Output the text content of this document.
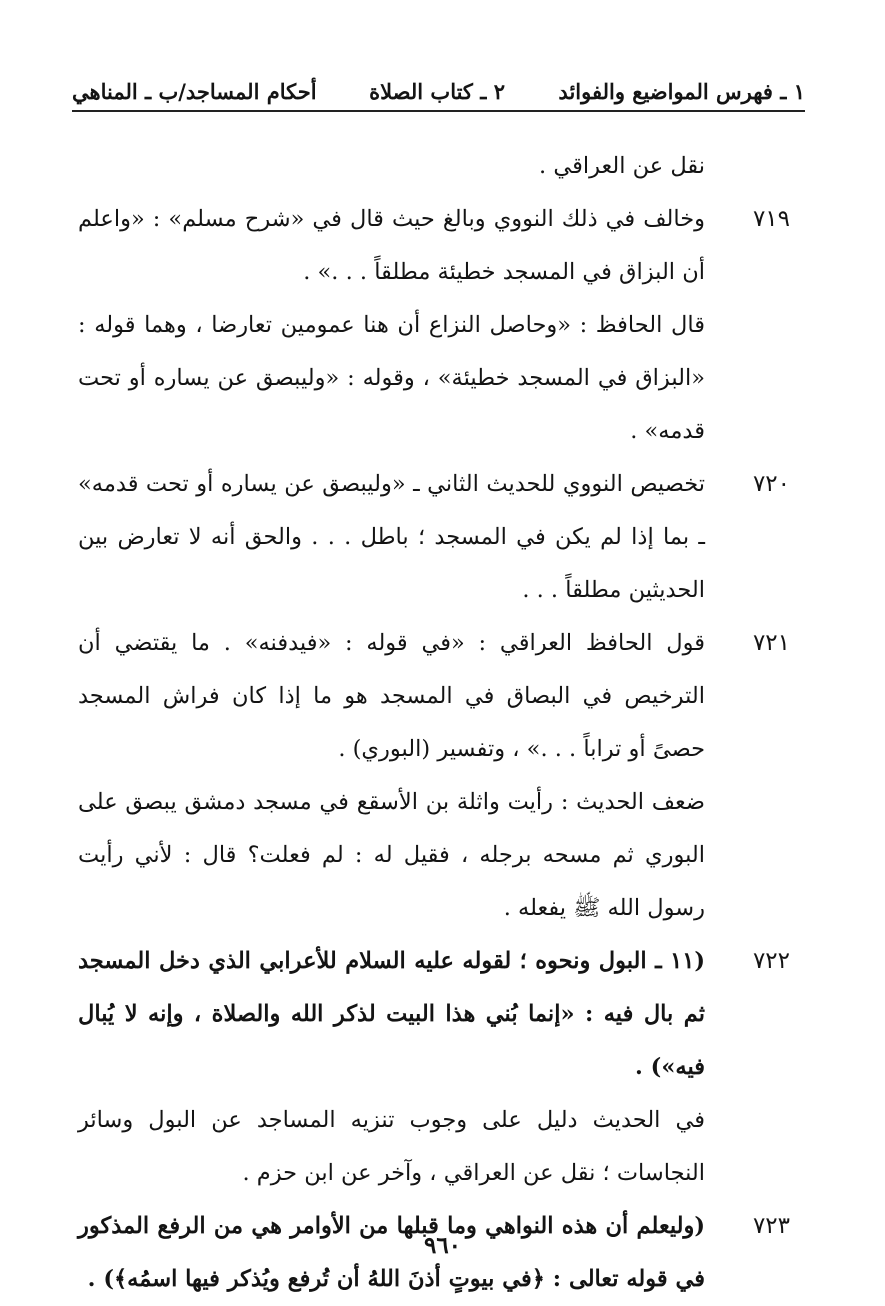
١ ـ فهرس المواضيع والفوائد
٢ ـ كتاب الصلاة
أحكام المساجد/ب ـ المناهي

نقل عن العراقي .

٧١٩

وخالف في ذلك النووي وبالغ حيث قال في «شرح مسلم» : «واعلم أن البزاق في المسجد خطيئة مطلقاً . . .» .

قال الحافظ : «وحاصل النزاع أن هنا عمومين تعارضا ، وهما قوله : «البزاق في المسجد خطيئة» ، وقوله : «وليبصق عن يساره أو تحت قدمه» .

٧٢٠

تخصيص النووي للحديث الثاني ـ «وليبصق عن يساره أو تحت قدمه» ـ بما إذا لم يكن في المسجد ؛ باطل . . . والحق أنه لا تعارض بين الحديثين مطلقاً . . .

٧٢١

قول الحافظ العراقي : «في قوله : «فيدفنه» . ما يقتضي أن الترخيص في البصاق في المسجد هو ما إذا كان فراش المسجد حصىً أو تراباً . . .» ، وتفسير (البوري) .

ضعف الحديث : رأيت واثلة بن الأسقع في مسجد دمشق يبصق على البوري ثم مسحه برجله ، فقيل له : لم فعلت؟ قال : لأني رأيت رسول الله ﷺ يفعله .

٧٢٢

(١١ ـ البول ونحوه ؛ لقوله عليه السلام للأعرابي الذي دخل المسجد ثم بال فيه : «إنما بُني هذا البيت لذكر الله والصلاة ، وإنه لا يُبال فيه») .

في الحديث دليل على وجوب تنزيه المساجد عن البول وسائر النجاسات ؛ نقل عن العراقي ، وآخر عن ابن حزم .

٧٢٣

(وليعلم أن هذه النواهي وما قبلها من الأوامر هي من الرفع المذكور في قوله تعالى : ﴿في بيوتٍ أذنَ اللهُ أن تُرفع ويُذكر فيها اسمُه﴾) .

٩٦٠
